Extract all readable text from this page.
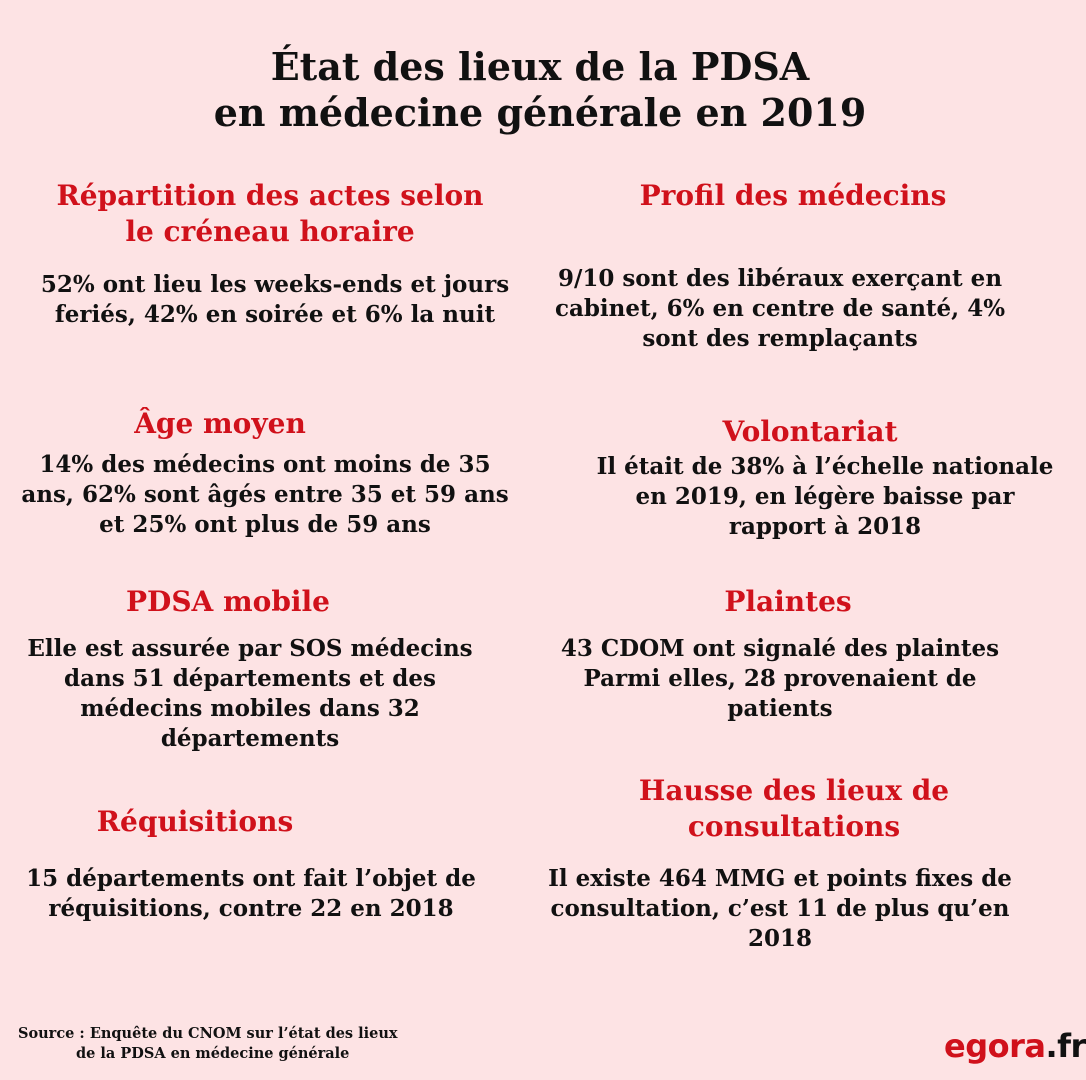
État des lieux de la PDSA
en médecine générale en 2019
Répartition des actes selon
le créneau horaire
52% ont lieu les weeks-ends et jours
feriés, 42% en soirée et 6% la nuit
Profil des médecins
9/10 sont des libéraux exerçant en
cabinet, 6% en centre de santé, 4%
sont des remplaçants
Âge moyen
14% des médecins ont moins de 35
ans, 62% sont âgés entre 35 et 59 ans
et 25% ont plus de 59 ans
Volontariat
Il était de 38% à l’échelle nationale
en 2019, en légère baisse par
rapport à 2018
PDSA mobile
Elle est assurée par SOS médecins
dans 51 départements et des
médecins mobiles dans 32
départements
Plaintes
43 CDOM ont signalé des plaintes
Parmi elles, 28 provenaient de
patients
Réquisitions
15 départements ont fait l’objet de
réquisitions, contre 22 en 2018
Hausse des lieux de
consultations
Il existe 464 MMG et points fixes de
consultation, c’est 11 de plus qu’en
2018
Source : Enquête du CNOM sur l’état des lieux
de la PDSA en médecine générale	egora.fr
